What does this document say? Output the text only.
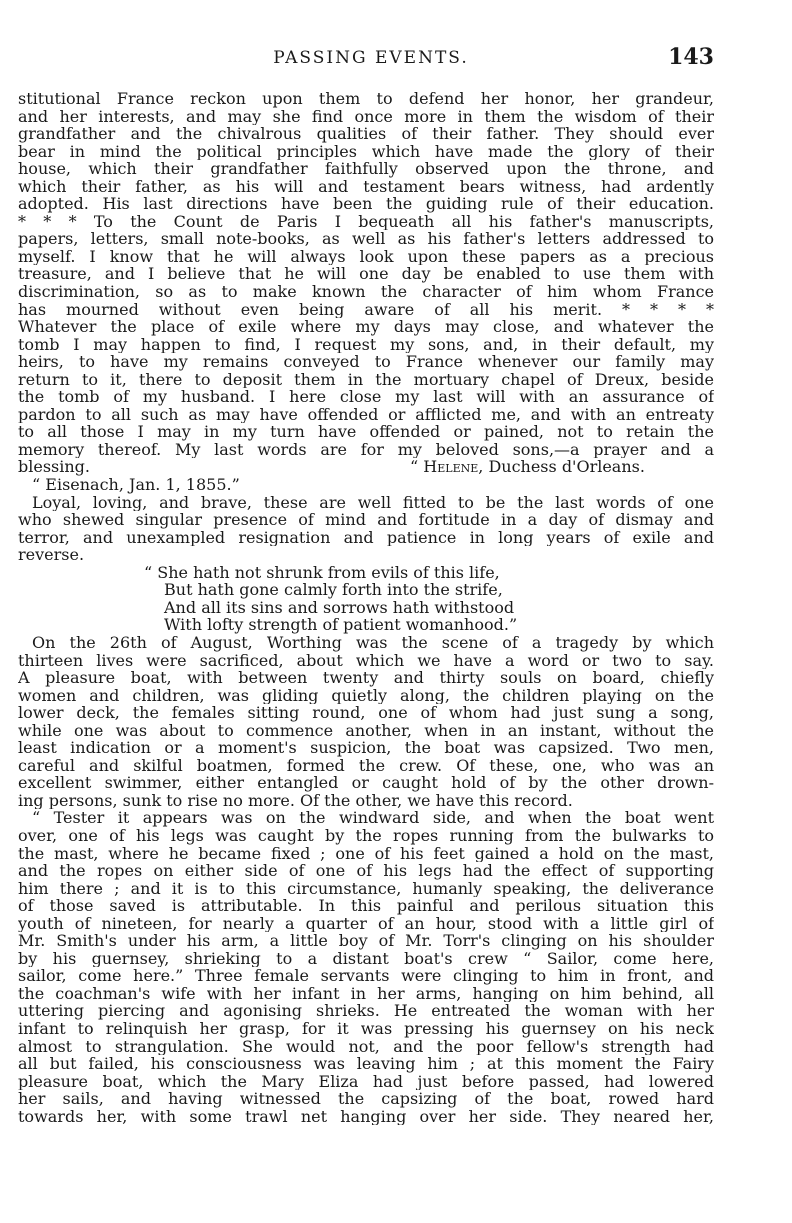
PASSING EVENTS.	143
stitutional France reckon upon them to defend her honor, her grandeur,
and her interests, and may she find once more in them the wisdom of their
grandfather and the chivalrous qualities of their father. They should ever
bear in mind the political principles which have made the glory of their
house, which their grandfather faithfully observed upon the throne, and
which their father, as his will and testament bears witness, had ardently
adopted. His last directions have been the guiding rule of their education.
* * * To the Count de Paris I bequeath all his father's manuscripts,
papers, letters, small note-books, as well as his father's letters addressed to
myself. I know that he will always look upon these papers as a precious
treasure, and I believe that he will one day be enabled to use them with
discrimination, so as to make known the character of him whom France
has mourned without even being aware of all his merit. * * * *
Whatever the place of exile where my days may close, and whatever the
tomb I may happen to find, I request my sons, and, in their default, my
heirs, to have my remains conveyed to France whenever our family may
return to it, there to deposit them in the mortuary chapel of Dreux, beside
the tomb of my husband. I here close my last will with an assurance of
pardon to all such as may have offended or afflicted me, and with an entreaty
to all those I may in my turn have offended or pained, not to retain the
memory thereof. My last words are for my beloved sons,—a prayer and a
blessing.	“ Helene, Duchess d'Orleans.
“ Eisenach, Jan. 1, 1855.”
Loyal, loving, and brave, these are well fitted to be the last words of one
who shewed singular presence of mind and fortitude in a day of dismay and
terror, and unexampled resignation and patience in long years of exile and
reverse.
“ She hath not shrunk from evils of this life,
But hath gone calmly forth into the strife,
And all its sins and sorrows hath withstood
With lofty strength of patient womanhood.”
On the 26th of August, Worthing was the scene of a tragedy by which
thirteen lives were sacrificed, about which we have a word or two to say.
A pleasure boat, with between twenty and thirty souls on board, chiefly
women and children, was gliding quietly along, the children playing on the
lower deck, the females sitting round, one of whom had just sung a song,
while one was about to commence another, when in an instant, without the
least indication or a moment's suspicion, the boat was capsized. Two men,
careful and skilful boatmen, formed the crew. Of these, one, who was an
excellent swimmer, either entangled or caught hold of by the other drown-
ing persons, sunk to rise no more. Of the other, we have this record.
“ Tester it appears was on the windward side, and when the boat went
over, one of his legs was caught by the ropes running from the bulwarks to
the mast, where he became fixed ; one of his feet gained a hold on the mast,
and the ropes on either side of one of his legs had the effect of supporting
him there ; and it is to this circumstance, humanly speaking, the deliverance
of those saved is attributable. In this painful and perilous situation this
youth of nineteen, for nearly a quarter of an hour, stood with a little girl of
Mr. Smith's under his arm, a little boy of Mr. Torr's clinging on his shoulder
by his guernsey, shrieking to a distant boat's crew “ Sailor, come here,
sailor, come here.” Three female servants were clinging to him in front, and
the coachman's wife with her infant in her arms, hanging on him behind, all
uttering piercing and agonising shrieks. He entreated the woman with her
infant to relinquish her grasp, for it was pressing his guernsey on his neck
almost to strangulation. She would not, and the poor fellow's strength had
all but failed, his consciousness was leaving him ; at this moment the Fairy
pleasure boat, which the Mary Eliza had just before passed, had lowered
her sails, and having witnessed the capsizing of the boat, rowed hard
towards her, with some trawl net hanging over her side. They neared her,
